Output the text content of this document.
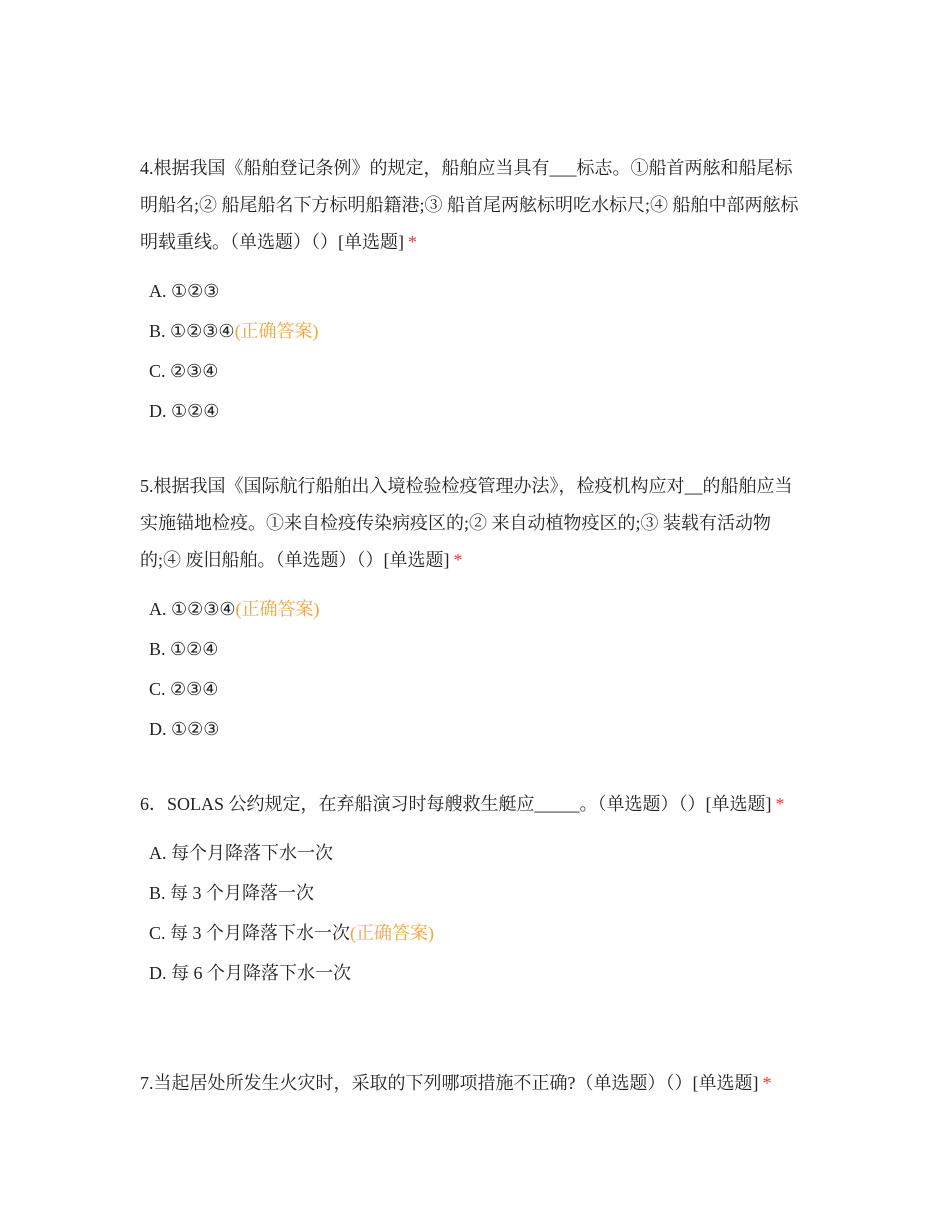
4.根据我国《船舶登记条例》的规定，船舶应当具有___标志。①船首两舷和船尾标明船名;② 船尾船名下方标明船籍港;③ 船首尾两舷标明吃水标尺;④ 船舶中部两舷标明载重线。（单选题）（）[单选题] *

A. ①②③
B. ①②③④(正确答案)
C. ②③④
D. ①②④

5.根据我国《国际航行船舶出入境检验检疫管理办法》，检疫机构应对__的船舶应当实施锚地检疫。①来自检疫传染病疫区的;② 来自动植物疫区的;③ 装载有活动物的;④ 废旧船舶。（单选题）（）[单选题] *

A. ①②③④(正确答案)
B. ①②④
C. ②③④
D. ①②③

6．SOLAS 公约规定，在弃船演习时每艘救生艇应_____。（单选题）（）[单选题] *

A. 每个月降落下水一次
B. 每 3 个月降落一次
C. 每 3 个月降落下水一次(正确答案)
D. 每 6 个月降落下水一次

7.当起居处所发生火灾时，采取的下列哪项措施不正确?（单选题）（）[单选题] *
